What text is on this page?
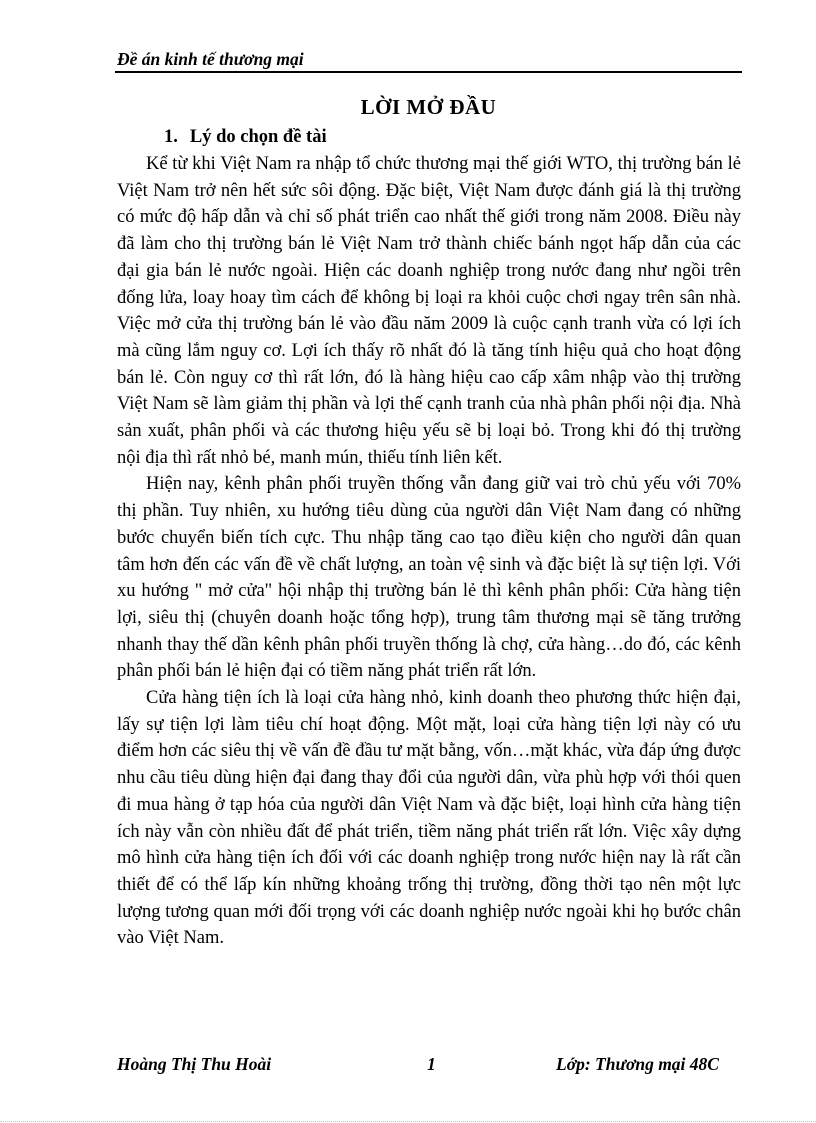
Đề án kinh tế thương mại
LỜI MỞ ĐẦU
1. Lý do chọn đề tài

Kể từ khi Việt Nam ra nhập tổ chức thương mại thế giới WTO, thị trường bán lẻ Việt Nam trở nên hết sức sôi động. Đặc biệt, Việt Nam được đánh giá là thị trường có mức độ hấp dẫn và chỉ số phát triển cao nhất thế giới trong năm 2008. Điều này đã làm cho thị trường bán lẻ Việt Nam trở thành chiếc bánh ngọt hấp dẫn của các đại gia bán lẻ nước ngoài. Hiện các doanh nghiệp trong nước đang như ngồi trên đống lửa, loay hoay tìm cách để không bị loại ra khỏi cuộc chơi ngay trên sân nhà. Việc mở cửa thị trường bán lẻ vào đầu năm 2009 là cuộc cạnh tranh vừa có lợi ích mà cũng lắm nguy cơ. Lợi ích thấy rõ nhất đó là tăng tính hiệu quả cho hoạt động bán lẻ. Còn nguy cơ thì rất lớn, đó là hàng hiệu cao cấp xâm nhập vào thị trường Việt Nam sẽ làm giảm thị phần và lợi thế cạnh tranh của nhà phân phối nội địa. Nhà sản xuất, phân phối và các thương hiệu yếu sẽ bị loại bỏ. Trong khi đó thị trường nội địa thì rất nhỏ bé, manh mún, thiếu tính liên kết.

Hiện nay, kênh phân phối truyền thống vẫn đang giữ vai trò chủ yếu với 70% thị phần. Tuy nhiên, xu hướng tiêu dùng của người dân Việt Nam đang có những bước chuyển biến tích cực. Thu nhập tăng cao tạo điều kiện cho người dân quan tâm hơn đến các vấn đề về chất lượng, an toàn vệ sinh và đặc biệt là sự tiện lợi. Với xu hướng " mở cửa" hội nhập thị trường bán lẻ thì kênh phân phối: Cửa hàng tiện lợi, siêu thị (chuyên doanh hoặc tổng hợp), trung tâm thương mại sẽ tăng trưởng nhanh thay thế dần kênh phân phối truyền thống là chợ, cửa hàng…do đó, các kênh phân phối bán lẻ hiện đại có tiềm năng phát triển rất lớn.

Cửa hàng tiện ích là loại cửa hàng nhỏ, kinh doanh theo phương thức hiện đại, lấy sự tiện lợi làm tiêu chí hoạt động. Một mặt, loại cửa hàng tiện lợi này có ưu điểm hơn các siêu thị về vấn đề đầu tư mặt bằng, vốn…mặt khác, vừa đáp ứng được nhu cầu tiêu dùng hiện đại đang thay đổi của người dân, vừa phù hợp với thói quen đi mua hàng ở tạp hóa của người dân Việt Nam và đặc biệt, loại hình cửa hàng tiện ích này vẫn còn nhiều đất để phát triển, tiềm năng phát triển rất lớn. Việc xây dựng mô hình cửa hàng tiện ích đối với các doanh nghiệp trong nước hiện nay là rất cần thiết để có thể lấp kín những khoảng trống thị trường, đồng thời tạo nên một lực lượng tương quan mới đối trọng với các doanh nghiệp nước ngoài khi họ bước chân vào Việt Nam.

Hoàng Thị Thu Hoài	1	Lớp: Thương mại 48C
